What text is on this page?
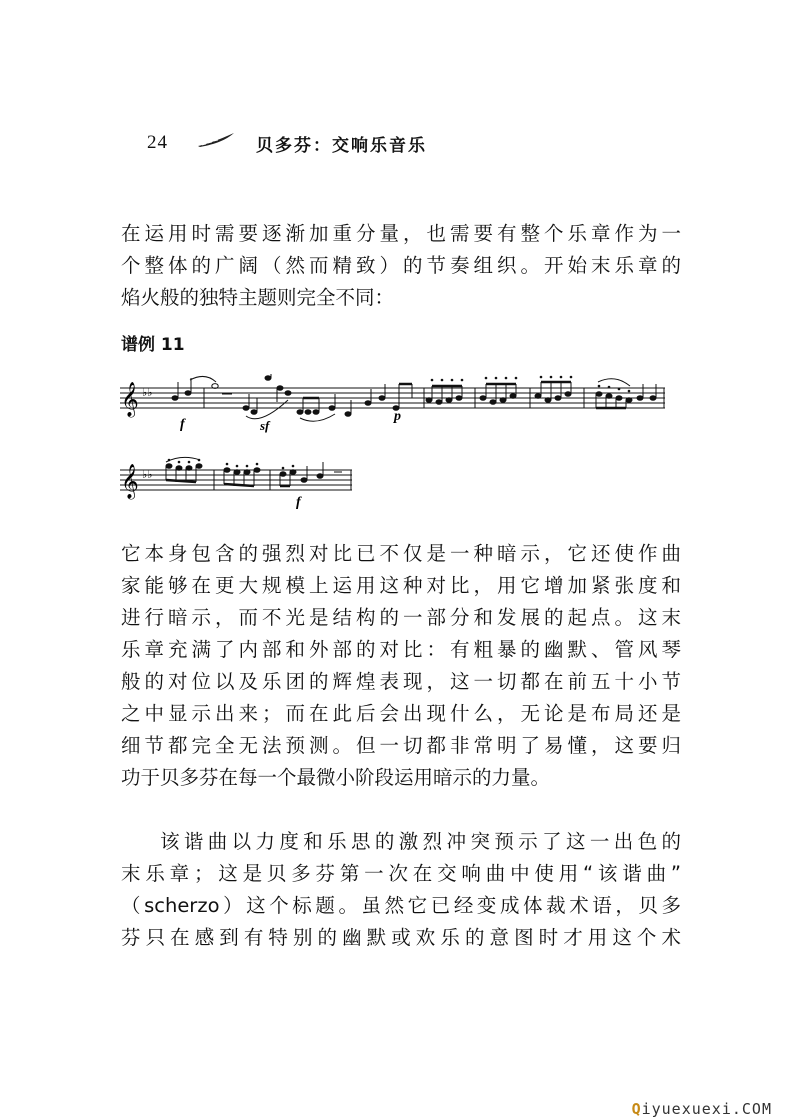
24	贝多芬：交响乐音乐

在运用时需要逐渐加重分量，也需要有整个乐章作为一

个整体的广阔（然而精致）的节奏组织。开始末乐章的

焰火般的独特主题则完全不同：

谱例 11
𝄞 ♭♭
f	sf
p
𝄞 ♭♭
f

它本身包含的强烈对比已不仅是一种暗示，它还使作曲

家能够在更大规模上运用这种对比，用它增加紧张度和

进行暗示，而不光是结构的一部分和发展的起点。这末

乐章充满了内部和外部的对比：有粗暴的幽默、管风琴

般的对位以及乐团的辉煌表现，这一切都在前五十小节

之中显示出来；而在此后会出现什么，无论是布局还是

细节都完全无法预测。但一切都非常明了易懂，这要归

功于贝多芬在每一个最微小阶段运用暗示的力量。

该谐曲以力度和乐思的激烈冲突预示了这一出色的

末乐章；这是贝多芬第一次在交响曲中使用“该谐曲”

（scherzo）这个标题。虽然它已经变成体裁术语，贝多

芬只在感到有特别的幽默或欢乐的意图时才用这个术

Qiyuexuexi.COM
